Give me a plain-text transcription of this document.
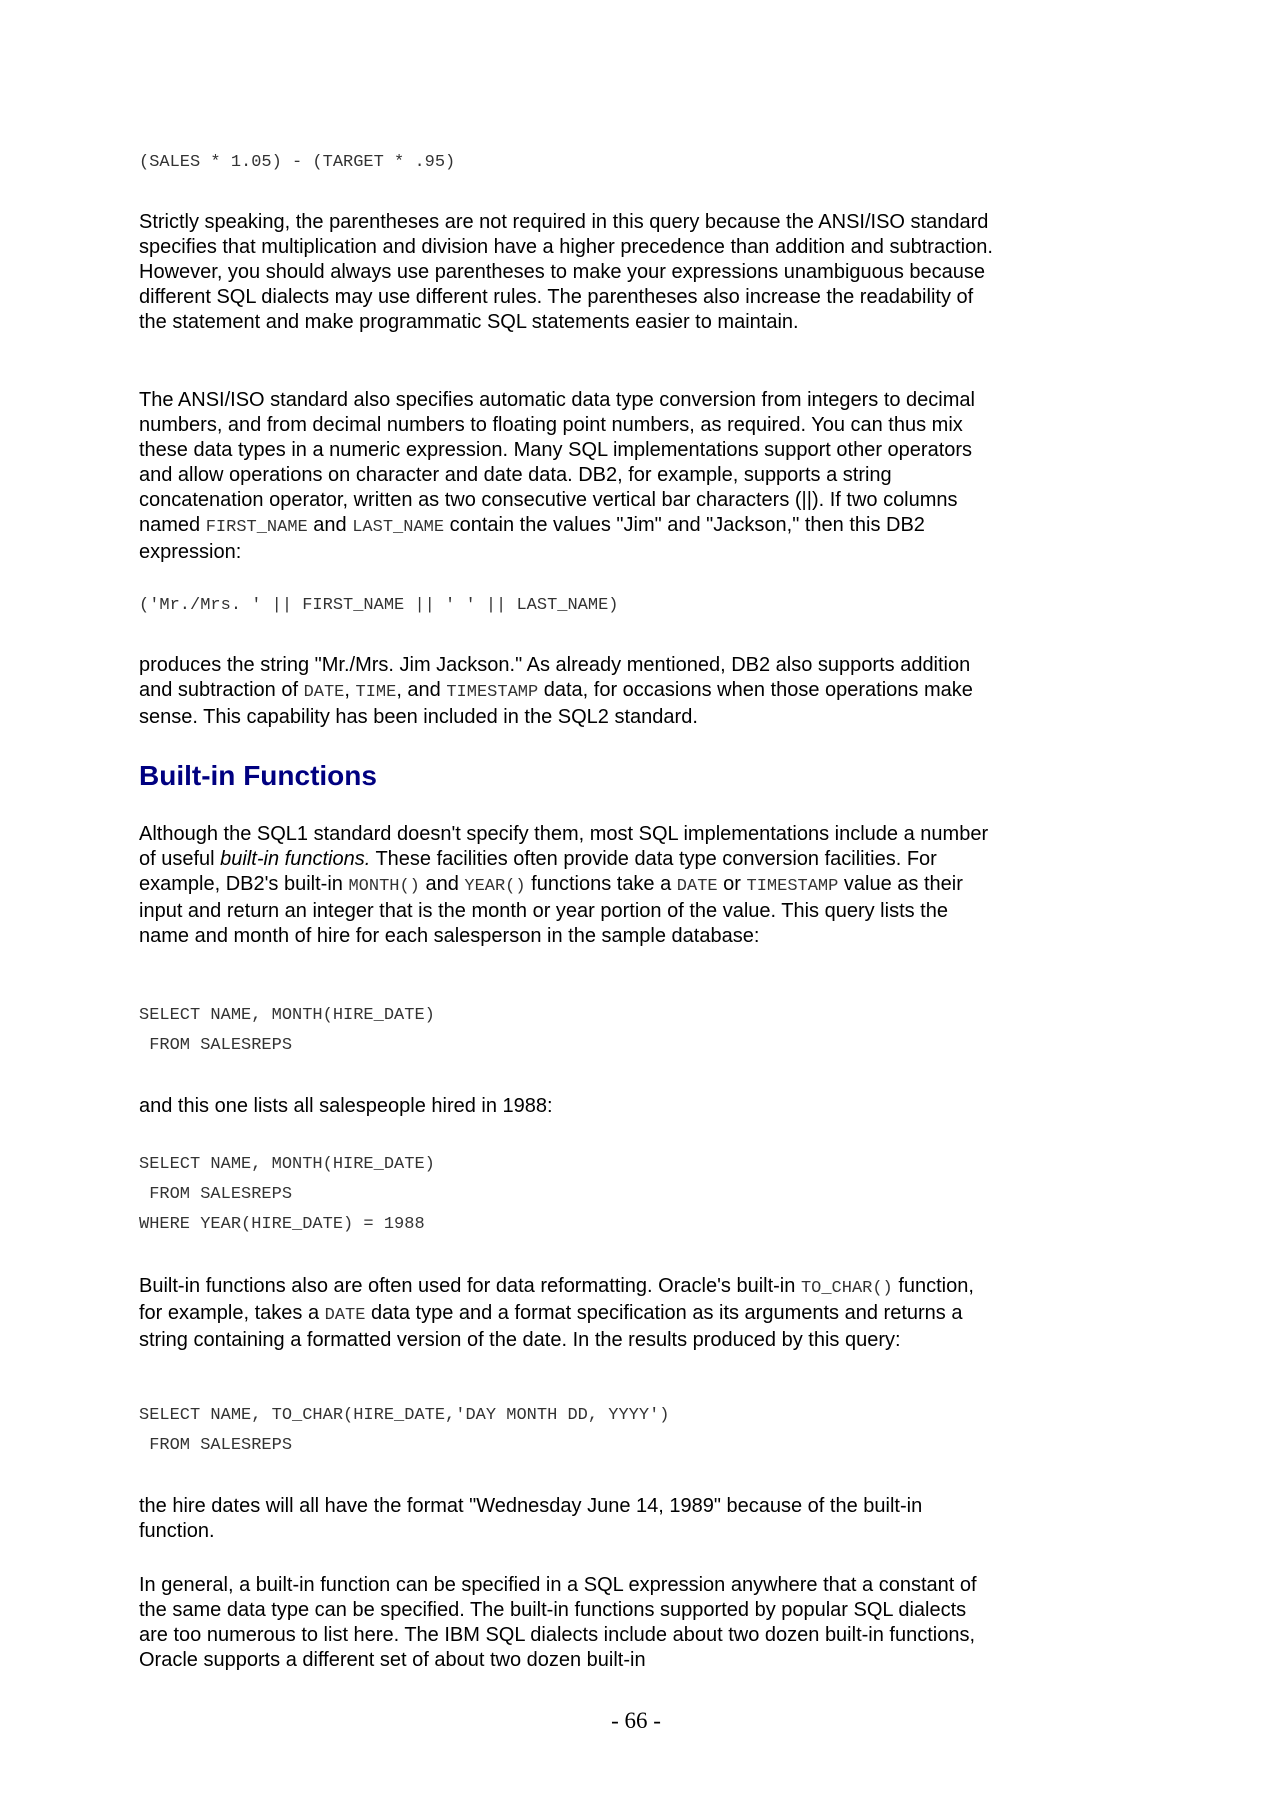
(SALES * 1.05) - (TARGET * .95)

Strictly speaking, the parentheses are not required in this query because the ANSI/ISO standard specifies that multiplication and division have a higher precedence than addition and subtraction. However, you should always use parentheses to make your expressions unambiguous because different SQL dialects may use different rules. The parentheses also increase the readability of the statement and make programmatic SQL statements easier to maintain.

The ANSI/ISO standard also specifies automatic data type conversion from integers to decimal numbers, and from decimal numbers to floating point numbers, as required. You can thus mix these data types in a numeric expression. Many SQL implementations support other operators and allow operations on character and date data. DB2, for example, supports a string concatenation operator, written as two consecutive vertical bar characters (||). If two columns named FIRST_NAME and LAST_NAME contain the values "Jim" and "Jackson," then this DB2 expression:

('Mr./Mrs. ' || FIRST_NAME || ' ' || LAST_NAME)

produces the string "Mr./Mrs. Jim Jackson." As already mentioned, DB2 also supports addition and subtraction of DATE, TIME, and TIMESTAMP data, for occasions when those operations make sense. This capability has been included in the SQL2 standard.

Built-in Functions

Although the SQL1 standard doesn't specify them, most SQL implementations include a number of useful built-in functions. These facilities often provide data type conversion facilities. For example, DB2's built-in MONTH() and YEAR() functions take a DATE or TIMESTAMP value as their input and return an integer that is the month or year portion of the value. This query lists the name and month of hire for each salesperson in the sample database:

SELECT NAME, MONTH(HIRE_DATE)
FROM SALESREPS

and this one lists all salespeople hired in 1988:

SELECT NAME, MONTH(HIRE_DATE)
FROM SALESREPS
WHERE YEAR(HIRE_DATE) = 1988

Built-in functions also are often used for data reformatting. Oracle's built-in TO_CHAR() function, for example, takes a DATE data type and a format specification as its arguments and returns a string containing a formatted version of the date. In the results produced by this query:

SELECT NAME, TO_CHAR(HIRE_DATE,'DAY MONTH DD, YYYY')
FROM SALESREPS

the hire dates will all have the format "Wednesday June 14, 1989" because of the built-in function.

In general, a built-in function can be specified in a SQL expression anywhere that a constant of the same data type can be specified. The built-in functions supported by popular SQL dialects are too numerous to list here. The IBM SQL dialects include about two dozen built-in functions, Oracle supports a different set of about two dozen built-in

- 66 -
